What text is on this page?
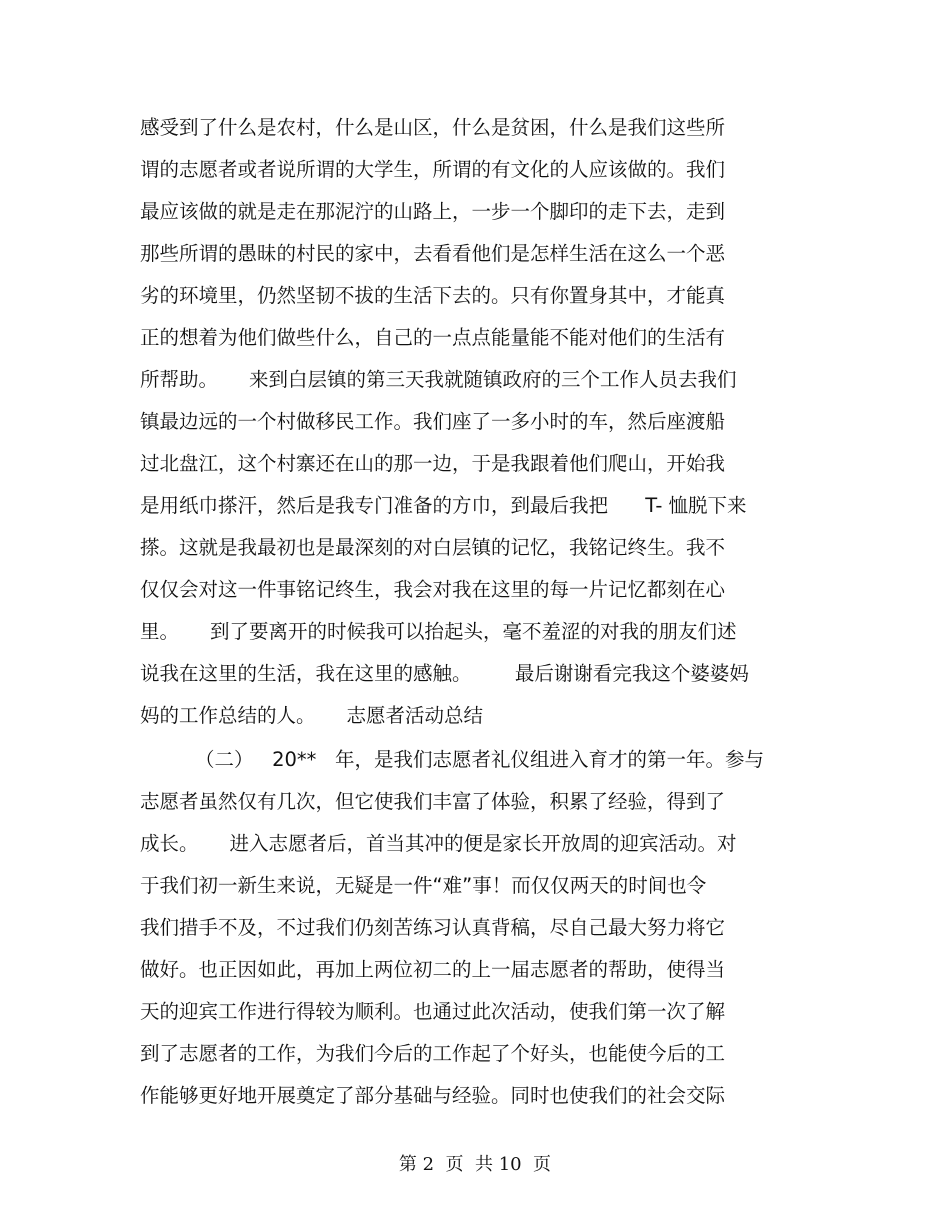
感受到了什么是农村，什么是山区，什么是贫困，什么是我们这些所
谓的志愿者或者说所谓的大学生，所谓的有文化的人应该做的。我们
最应该做的就是走在那泥泞的山路上，一步一个脚印的走下去，走到
那些所谓的愚昧的村民的家中，去看看他们是怎样生活在这么一个恶
劣的环境里，仍然坚韧不拔的生活下去的。只有你置身其中，才能真
正的想着为他们做些什么，自己的一点点能量能不能对他们的生活有
所帮助。     来到白层镇的第三天我就随镇政府的三个工作人员去我们
镇最边远的一个村做移民工作。我们座了一多小时的车，然后座渡船
过北盘江，这个村寨还在山的那一边，于是我跟着他们爬山，开始我
是用纸巾搽汗，然后是我专门准备的方巾，到最后我把      T- 恤脱下来
搽。这就是我最初也是最深刻的对白层镇的记忆，我铭记终生。我不
仅仅会对这一件事铭记终生，我会对我在这里的每一片记忆都刻在心
里。     到了要离开的时候我可以抬起头，毫不羞涩的对我的朋友们述
说我在这里的生活，我在这里的感触。       最后谢谢看完我这个婆婆妈
妈的工作总结的人。     志愿者活动总结
（二）   20**   年，是我们志愿者礼仪组进入育才的第一年。参与
志愿者虽然仅有几次，但它使我们丰富了体验，积累了经验，得到了
成长。     进入志愿者后，首当其冲的便是家长开放周的迎宾活动。对
于我们初一新生来说，无疑是一件“难”事！而仅仅两天的时间也令
我们措手不及，不过我们仍刻苦练习认真背稿，尽自己最大努力将它
做好。也正因如此，再加上两位初二的上一届志愿者的帮助，使得当
天的迎宾工作进行得较为顺利。也通过此次活动，使我们第一次了解
到了志愿者的工作，为我们今后的工作起了个好头，也能使今后的工
作能够更好地开展奠定了部分基础与经验。同时也使我们的社会交际
第 2  页  共 10  页
